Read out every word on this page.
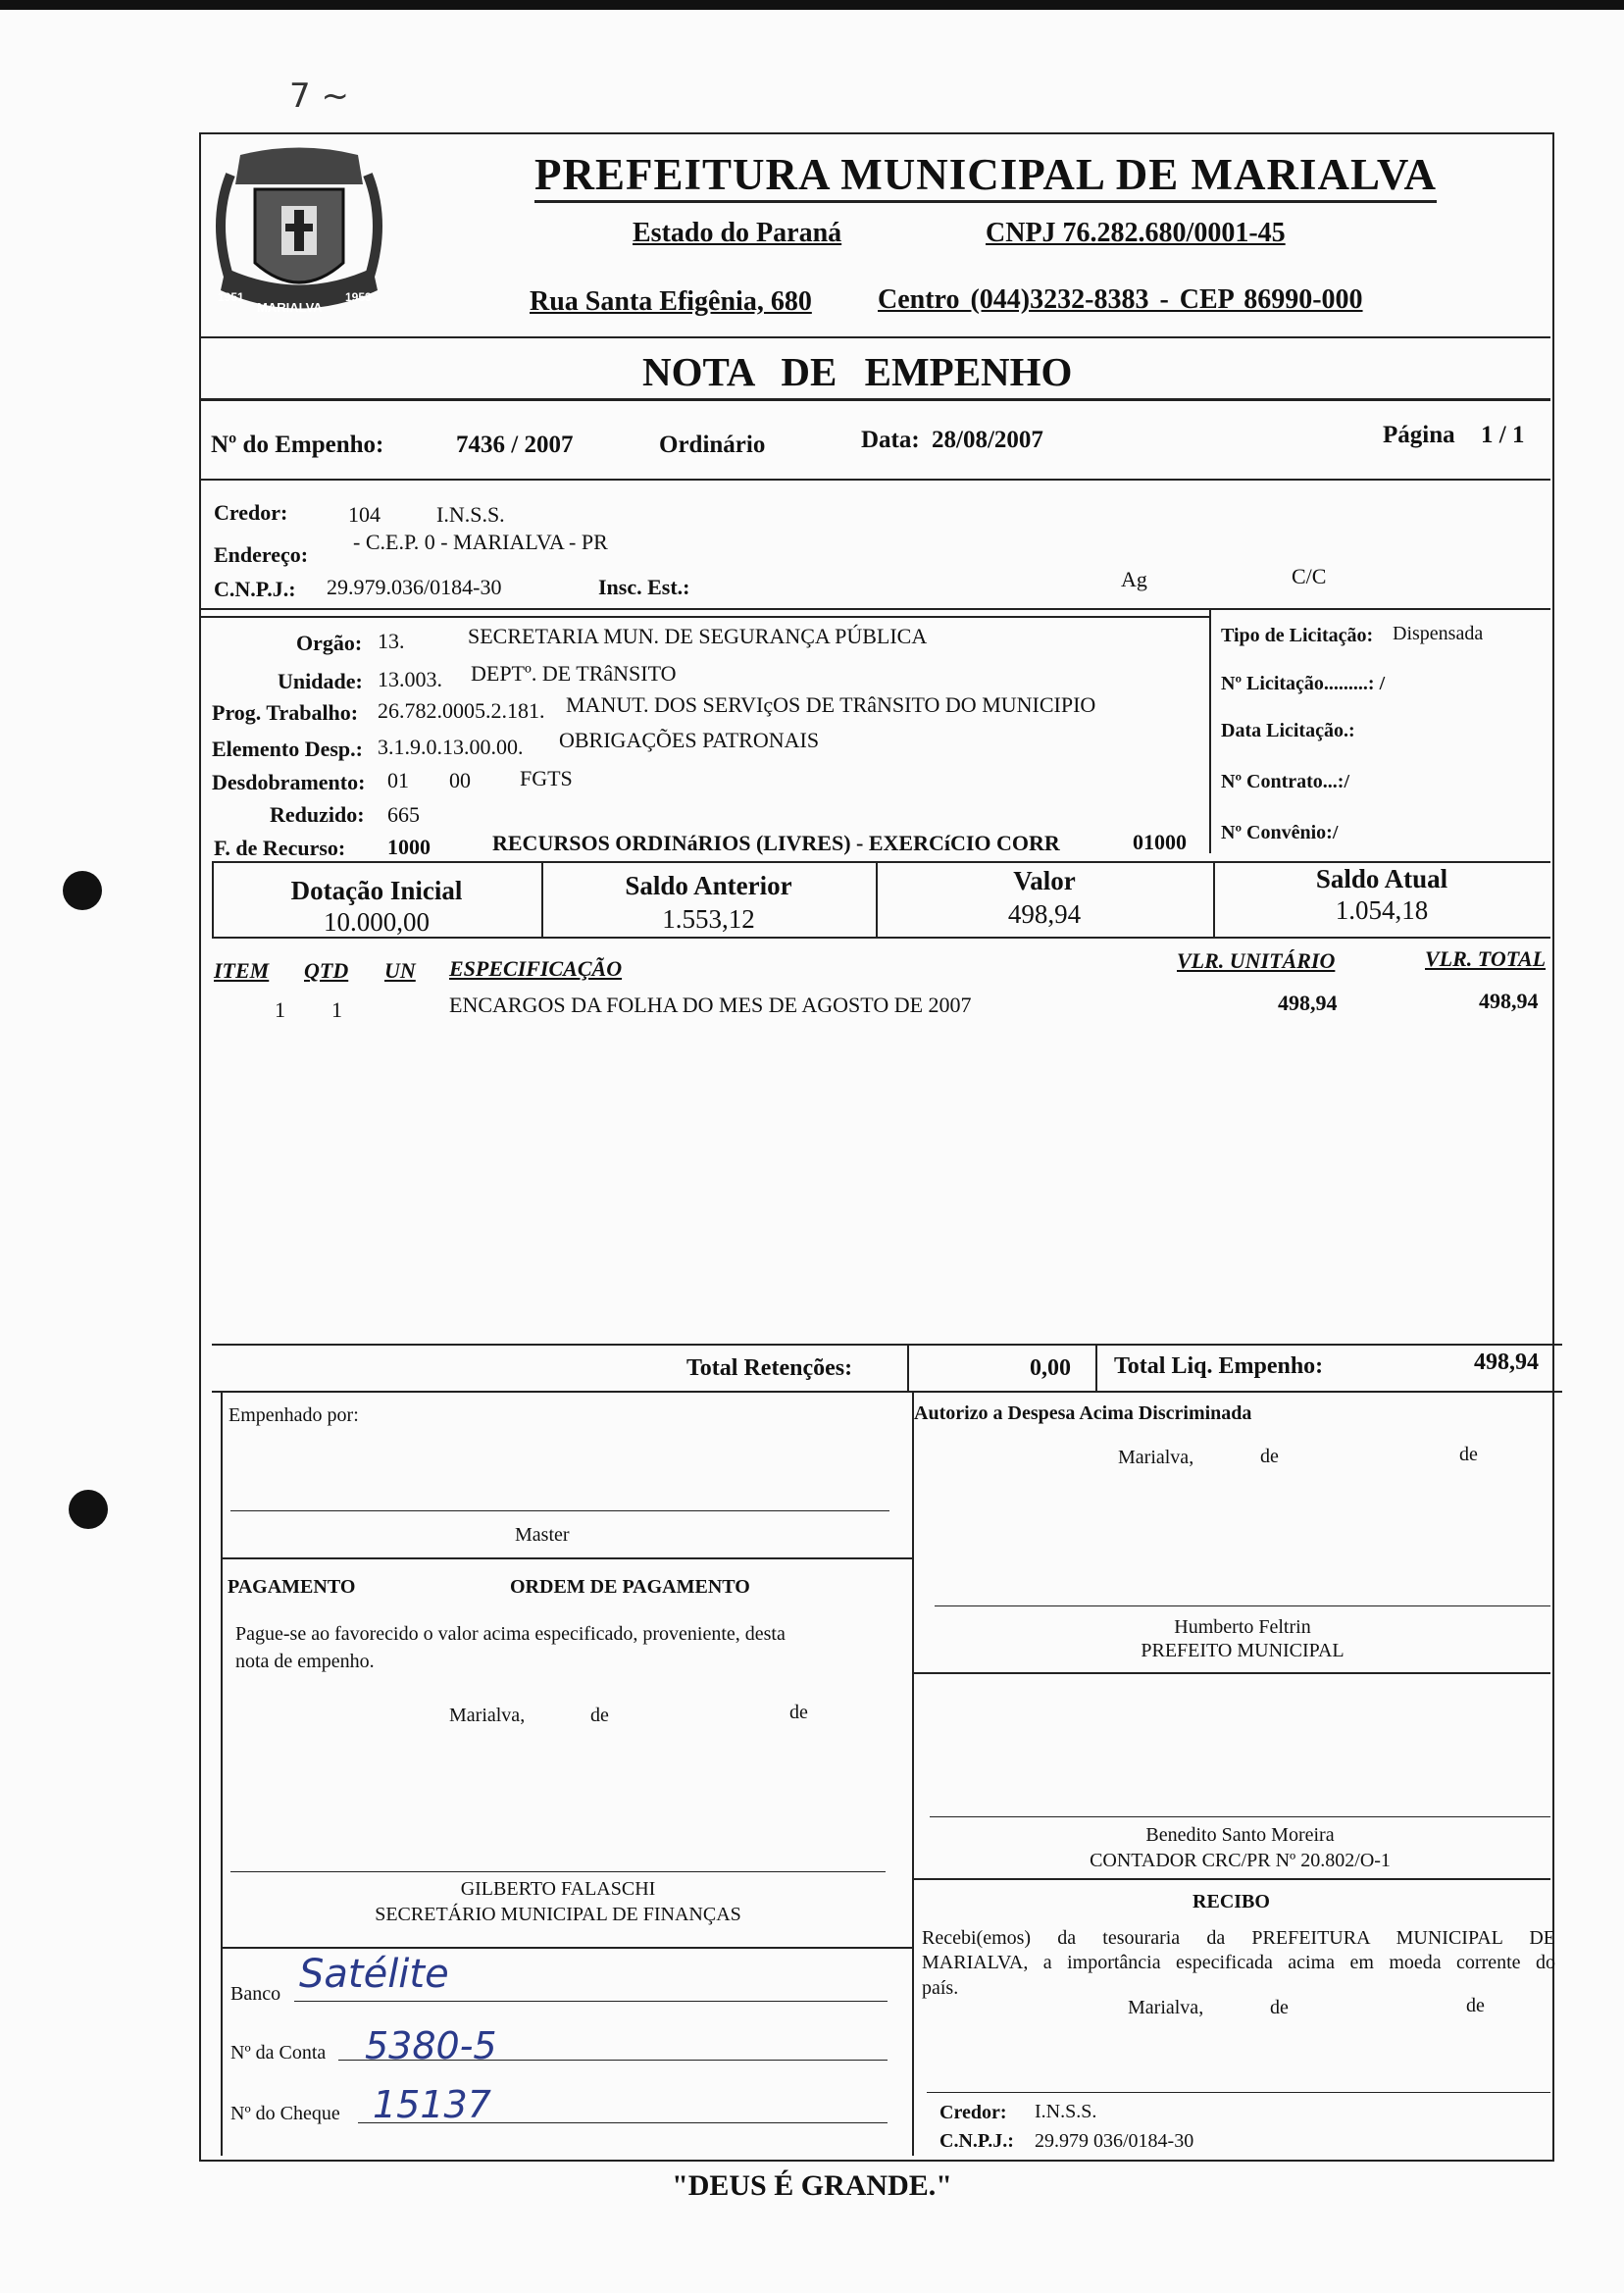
7 ~
MARIALVA
1951	1953
PREFEITURA MUNICIPAL DE MARIALVA
Estado do Paraná	CNPJ 76.282.680/0001-45
Rua Santa Efigênia, 680 Centro (044)3232-8383 - CEP 86990-000
NOTA DE EMPENHO
Nº do Empenho:	7436 / 2007	Ordinário	Data: 28/08/2007	Página 1 / 1
Credor:	104	I.N.S.S.
Endereço:
- C.E.P. 0 - MARIALVA - PR
C.N.P.J.: 29.979.036/0184-30	Insc. Est.:	Ag	C/C
Orgão: 13.	SECRETARIA MUN. DE SEGURANÇA PÚBLICA
Unidade: 13.003. DEPTº. DE TRâNSITO
Prog. Trabalho: 26.782.0005.2.181. MANUT. DOS SERVIçOS DE TRâNSITO DO MUNICIPIO
Elemento Desp.: 3.1.9.0.13.00.00. OBRIGAÇÕES PATRONAIS
Desdobramento: 01 00 FGTS
Reduzido: 665
F. de Recurso: 1000	RECURSOS ORDINáRIOS (LIVRES) - EXERCíCIO CORR	01000
Tipo de Licitação: Dispensada
Nº Licitação.........: /
Data Licitação.:
Nº Contrato...:/
Nº Convênio:/
Dotação Inicial
10.000,00
Saldo Anterior
1.553,12
Valor
498,94
Saldo Atual
1.054,18
ITEM QTD UN ESPECIFICAÇÃO	VLR. UNITÁRIO	VLR. TOTAL
1 1	ENCARGOS DA FOLHA DO MES DE AGOSTO DE 2007	498,94	498,94
Total Retenções:	0,00 Total Liq. Empenho:	498,94
Empenhado por:
Master
PAGAMENTO	ORDEM DE PAGAMENTO
Pague-se ao favorecido o valor acima especificado, proveniente, desta
nota de empenho.
Marialva,	de	de
GILBERTO FALASCHI
SECRETÁRIO MUNICIPAL DE FINANÇAS
Banco Satélite
Nº da Conta 5380-5
Nº do Cheque 15137
Autorizo a Despesa Acima Discriminada
Marialva,	de	de
Humberto Feltrin
PREFEITO MUNICIPAL
Benedito Santo Moreira
CONTADOR CRC/PR Nº 20.802/O-1
RECIBO
Recebi(emos) da tesouraria da PREFEITURA MUNICIPAL DE
MARIALVA, a importância especificada acima em moeda corrente do
país.
Marialva,	de	de
Credor: I.N.S.S.
C.N.P.J.: 29.979 036/0184-30
"DEUS É GRANDE."
